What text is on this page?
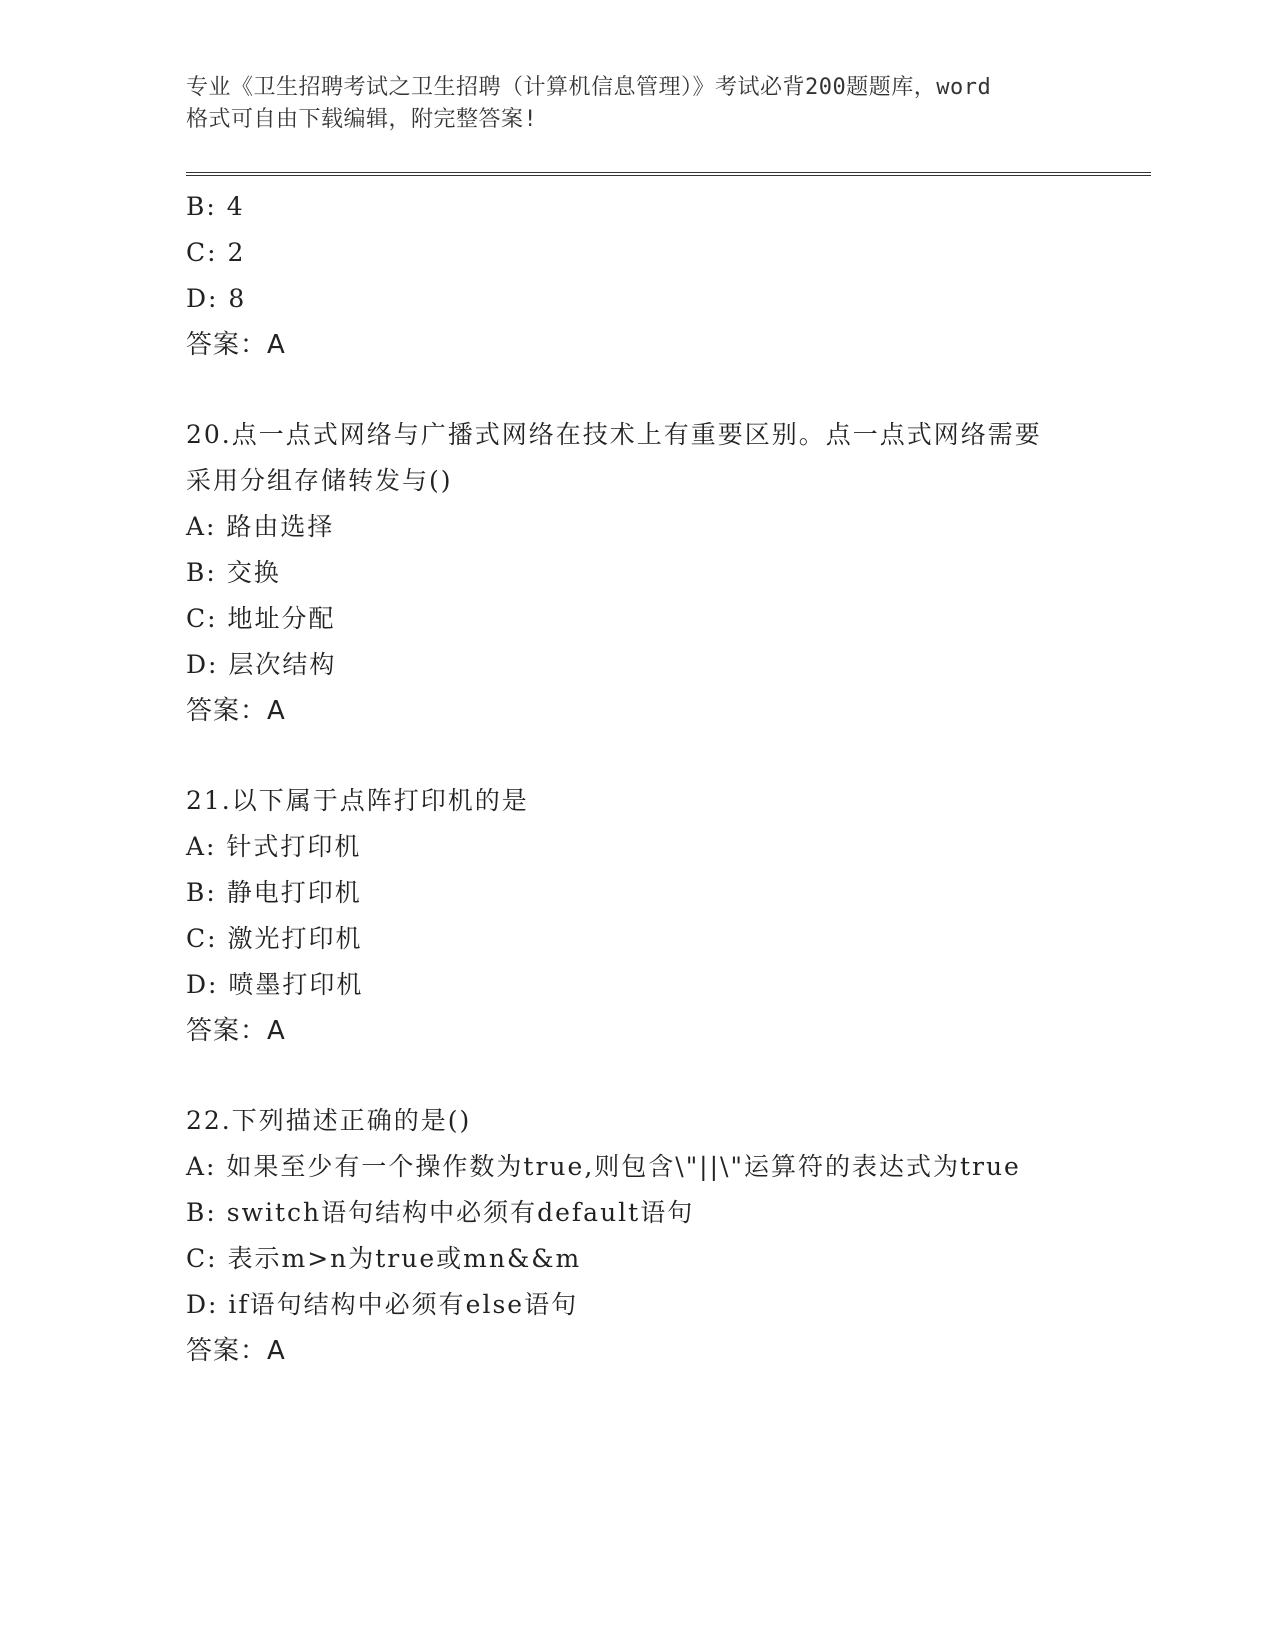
专业《卫生招聘考试之卫生招聘（计算机信息管理）》考试必背200题题库，word
格式可自由下载编辑，附完整答案!
B: 4
C: 2
D: 8
答案：A
20.点一点式网络与广播式网络在技术上有重要区别。点一点式网络需要采用分组存储转发与()
A: 路由选择
B: 交换
C: 地址分配
D: 层次结构
答案：A
21.以下属于点阵打印机的是
A: 针式打印机
B: 静电打印机
C: 激光打印机
D: 喷墨打印机
答案：A
22.下列描述正确的是()
A: 如果至少有一个操作数为true,则包含\"||\"运算符的表达式为true
B: switch语句结构中必须有default语句
C: 表示m>n为true或mn&&m
D: if语句结构中必须有else语句
答案：A
